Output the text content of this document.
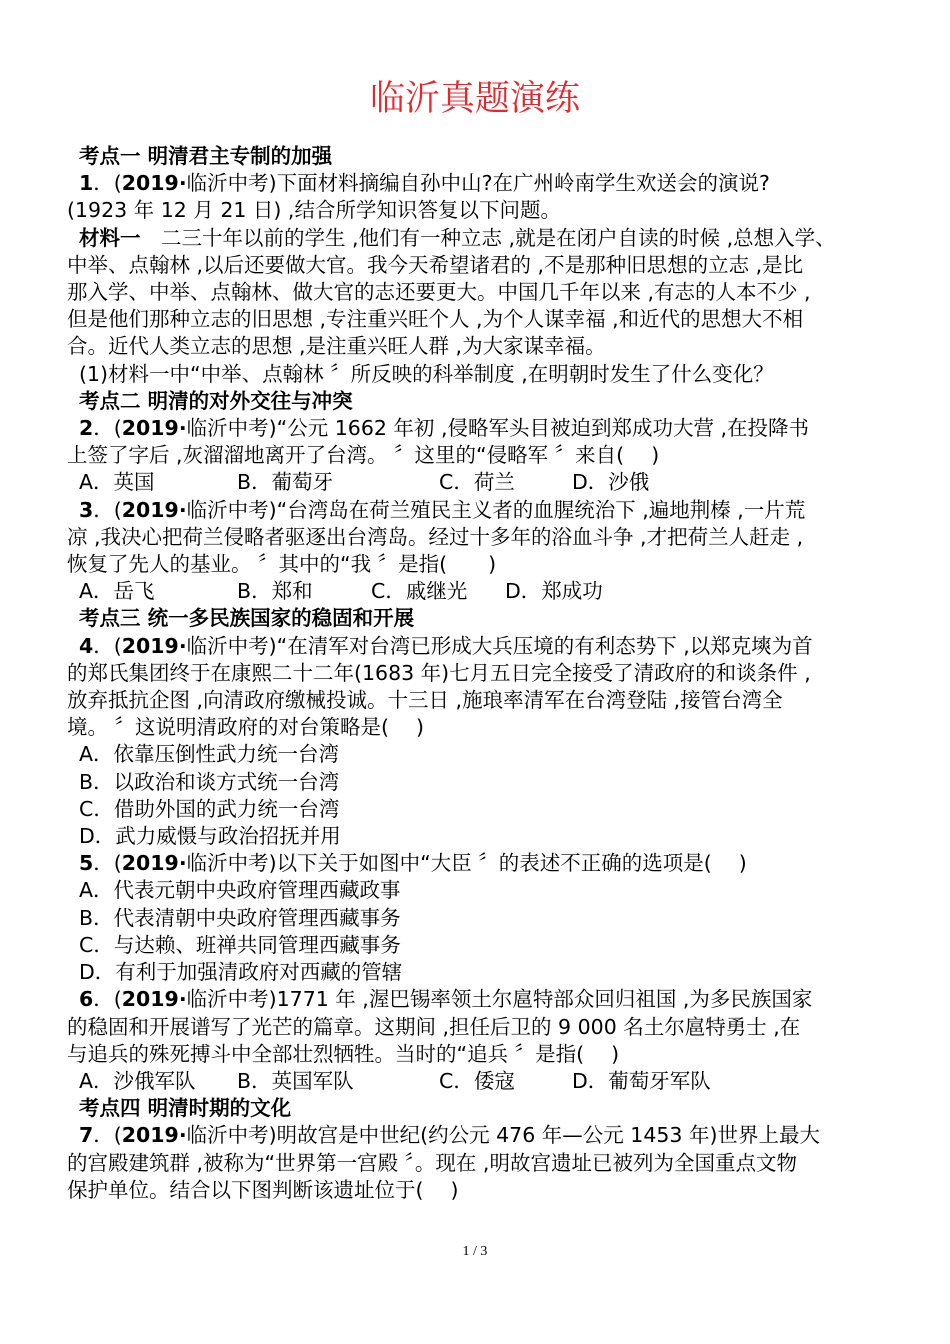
临沂真题演练

考点一 明清君主专制的加强

1．(2019·临沂中考)下面材料摘编自孙中山?在广州岭南学生欢送会的演说?

(1923 年 12 月 21 日) ,结合所学知识答复以下问题。

材料一　二三十年以前的学生 ,他们有一种立志 ,就是在闭户自读的时候 ,总想入学、

中举、点翰林 ,以后还要做大官。我今天希望诸君的 ,不是那种旧思想的立志 ,是比

那入学、中举、点翰林、做大官的志还要更大。中国几千年以来 ,有志的人本不少 ,

但是他们那种立志的旧思想 ,专注重兴旺个人 ,为个人谋幸福 ,和近代的思想大不相

合。近代人类立志的思想 ,是注重兴旺人群 ,为大家谋幸福。

(1)材料一中“中举、点翰林 〞所反映的科举制度 ,在明朝时发生了什么变化？

考点二 明清的对外交往与冲突

2．(2019·临沂中考)“公元 1662 年初 ,侵略军头目被迫到郑成功大营 ,在投降书

上签了字后 ,灰溜溜地离开了台湾。 〞这里的“侵略军 〞来自(　 )

A．英国	B．葡萄牙	C．荷兰	D．沙俄

3．(2019·临沂中考)“台湾岛在荷兰殖民主义者的血腥统治下 ,遍地荆榛 ,一片荒

凉 ,我决心把荷兰侵略者驱逐出台湾岛。经过十多年的浴血斗争 ,才把荷兰人赶走 ,

恢复了先人的基业。 〞其中的“我 〞是指(　　)

A．岳飞	B．郑和	C．戚继光 D．郑成功

考点三 统一多民族国家的稳固和开展

4．(2019·临沂中考)“在清军对台湾已形成大兵压境的有利态势下 ,以郑克塽为首

的郑氏集团终于在康熙二十二年(1683 年)七月五日完全接受了清政府的和谈条件 ,

放弃抵抗企图 ,向清政府缴械投诚。十三日 ,施琅率清军在台湾登陆 ,接管台湾全

境。 〞这说明清政府的对台策略是(　 )

A．依靠压倒性武力统一台湾

B．以政治和谈方式统一台湾

C．借助外国的武力统一台湾

D．武力威慑与政治招抚并用

5．(2019·临沂中考)以下关于如图中“大臣 〞的表述不正确的选项是(　 )

A．代表元朝中央政府管理西藏政事

B．代表清朝中央政府管理西藏事务

C．与达赖、班禅共同管理西藏事务

D．有利于加强清政府对西藏的管辖

6．(2019·临沂中考)1771 年 ,渥巴锡率领土尔扈特部众回归祖国 ,为多民族国家

的稳固和开展谱写了光芒的篇章。这期间 ,担任后卫的 9 000 名土尔扈特勇士 ,在

与追兵的殊死搏斗中全部壮烈牺牲。当时的“追兵 〞是指(　 )

A．沙俄军队 B．英国军队	C．倭寇	D．葡萄牙军队

考点四 明清时期的文化

7．(2019·临沂中考)明故宫是中世纪(约公元 476 年—公元 1453 年)世界上最大

的宫殿建筑群 ,被称为“世界第一宫殿 〞。现在 ,明故宫遗址已被列为全国重点文物

保护单位。结合以下图判断该遗址位于(　 )

1 / 3
